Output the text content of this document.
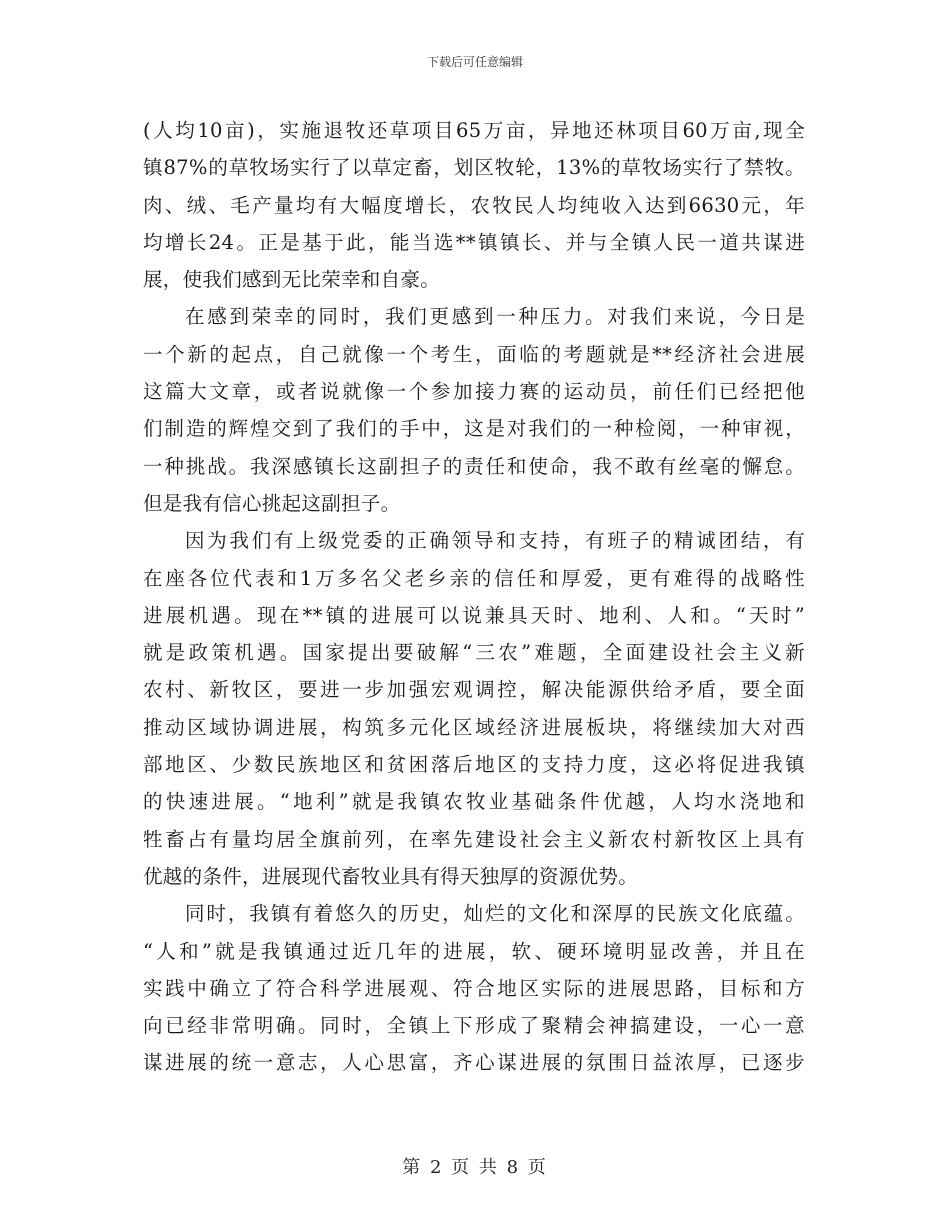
下载后可任意编辑
(人均10亩)，实施退牧还草项目65万亩，异地还林项目60万亩,现全
镇87%的草牧场实行了以草定畜，划区牧轮，13%的草牧场实行了禁牧。
肉、绒、毛产量均有大幅度增长，农牧民人均纯收入达到6630元，年
均增长24。正是基于此，能当选**镇镇长、并与全镇人民一道共谋进
展，使我们感到无比荣幸和自豪。
在感到荣幸的同时，我们更感到一种压力。对我们来说，今日是
一个新的起点，自己就像一个考生，面临的考题就是**经济社会进展
这篇大文章，或者说就像一个参加接力赛的运动员，前任们已经把他
们制造的辉煌交到了我们的手中，这是对我们的一种检阅，一种审视，
一种挑战。我深感镇长这副担子的责任和使命，我不敢有丝毫的懈怠。
但是我有信心挑起这副担子。
因为我们有上级党委的正确领导和支持，有班子的精诚团结，有
在座各位代表和1万多名父老乡亲的信任和厚爱，更有难得的战略性
进展机遇。现在**镇的进展可以说兼具天时、地利、人和。“天时”
就是政策机遇。国家提出要破解“三农”难题，全面建设社会主义新
农村、新牧区，要进一步加强宏观调控，解决能源供给矛盾，要全面
推动区域协调进展，构筑多元化区域经济进展板块，将继续加大对西
部地区、少数民族地区和贫困落后地区的支持力度，这必将促进我镇
的快速进展。“地利”就是我镇农牧业基础条件优越，人均水浇地和
牲畜占有量均居全旗前列，在率先建设社会主义新农村新牧区上具有
优越的条件，进展现代畜牧业具有得天独厚的资源优势。
同时，我镇有着悠久的历史，灿烂的文化和深厚的民族文化底蕴。
“人和”就是我镇通过近几年的进展，软、硬环境明显改善，并且在
实践中确立了符合科学进展观、符合地区实际的进展思路，目标和方
向已经非常明确。同时，全镇上下形成了聚精会神搞建设，一心一意
谋进展的统一意志，人心思富，齐心谋进展的氛围日益浓厚，已逐步
第 2 页 共 8 页
